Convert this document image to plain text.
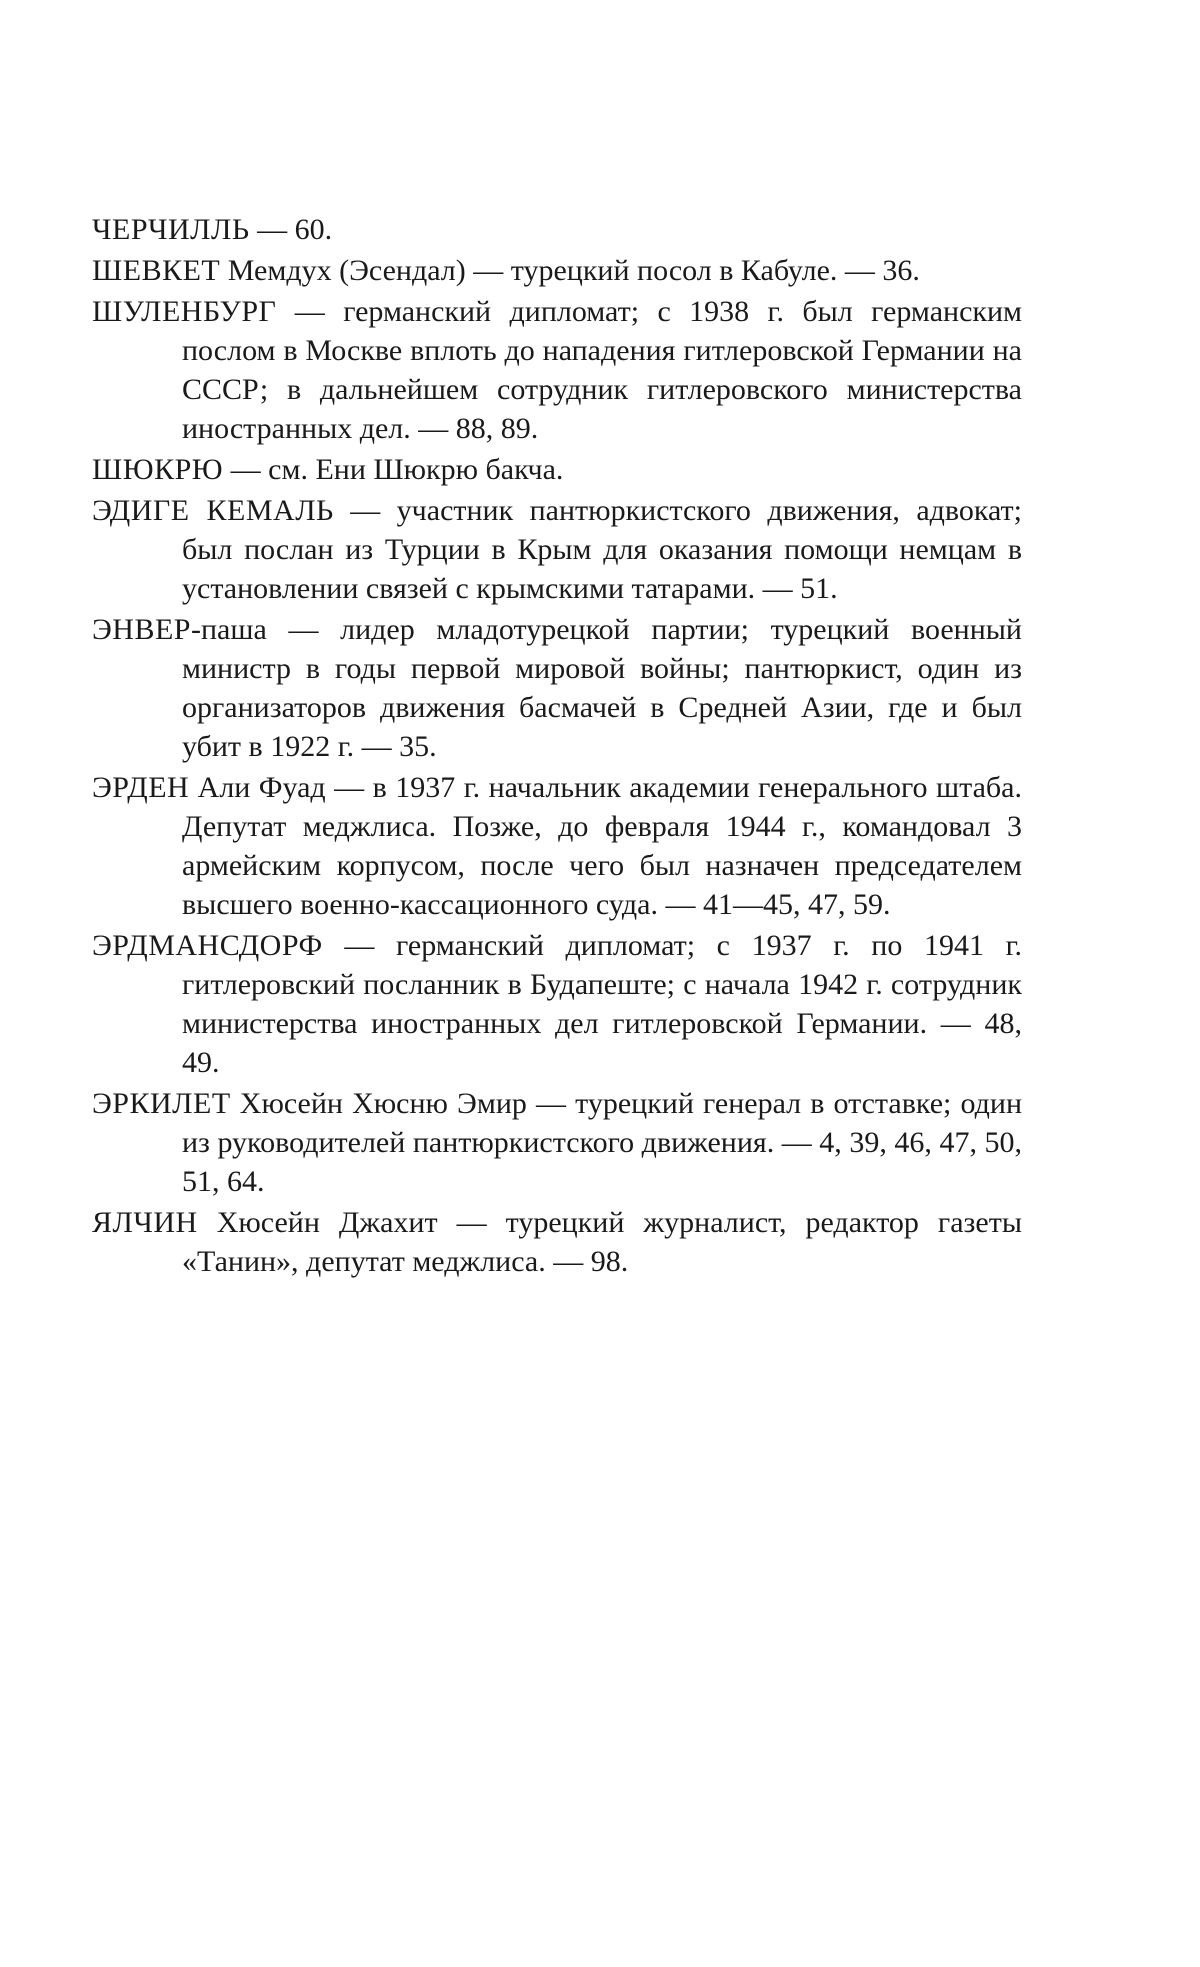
ЧЕРЧИЛЛЬ — 60.

ШЕВКЕТ Мемдух (Эсендал) — турецкий посол в Кабуле. — 36.

ШУЛЕНБУРГ — германский дипломат; с 1938 г. был германским послом в Москве вплоть до нападения гитлеровской Германии на СССР; в дальнейшем сотрудник гитлеровского министерства иностранных дел. — 88, 89.

ШЮКРЮ — см. Ени Шюкрю бакча.

ЭДИГЕ КЕМАЛЬ — участник пантюркистского движения, адвокат; был послан из Турции в Крым для оказания помощи немцам в установлении связей с крымскими татарами. — 51.

ЭНВЕР-паша — лидер младотурецкой партии; турецкий военный министр в годы первой мировой войны; пантюркист, один из организаторов движения басмачей в Средней Азии, где и был убит в 1922 г. — 35.

ЭРДЕН Али Фуад — в 1937 г. начальник академии генерального штаба. Депутат меджлиса. Позже, до февраля 1944 г., командовал 3 армейским корпусом, после чего был назначен председателем высшего военно-кассационного суда. — 41—45, 47, 59.

ЭРДМАНСДОРФ — германский дипломат; с 1937 г. по 1941 г. гитлеровский посланник в Будапеште; с начала 1942 г. сотрудник министерства иностранных дел гитлеровской Германии. — 48, 49.

ЭРКИЛЕТ Хюсейн Хюсню Эмир — турецкий генерал в отставке; один из руководителей пантюркистского движения. — 4, 39, 46, 47, 50, 51, 64.

ЯЛЧИН Хюсейн Джахит — турецкий журналист, редактор газеты «Танин», депутат меджлиса. — 98.
